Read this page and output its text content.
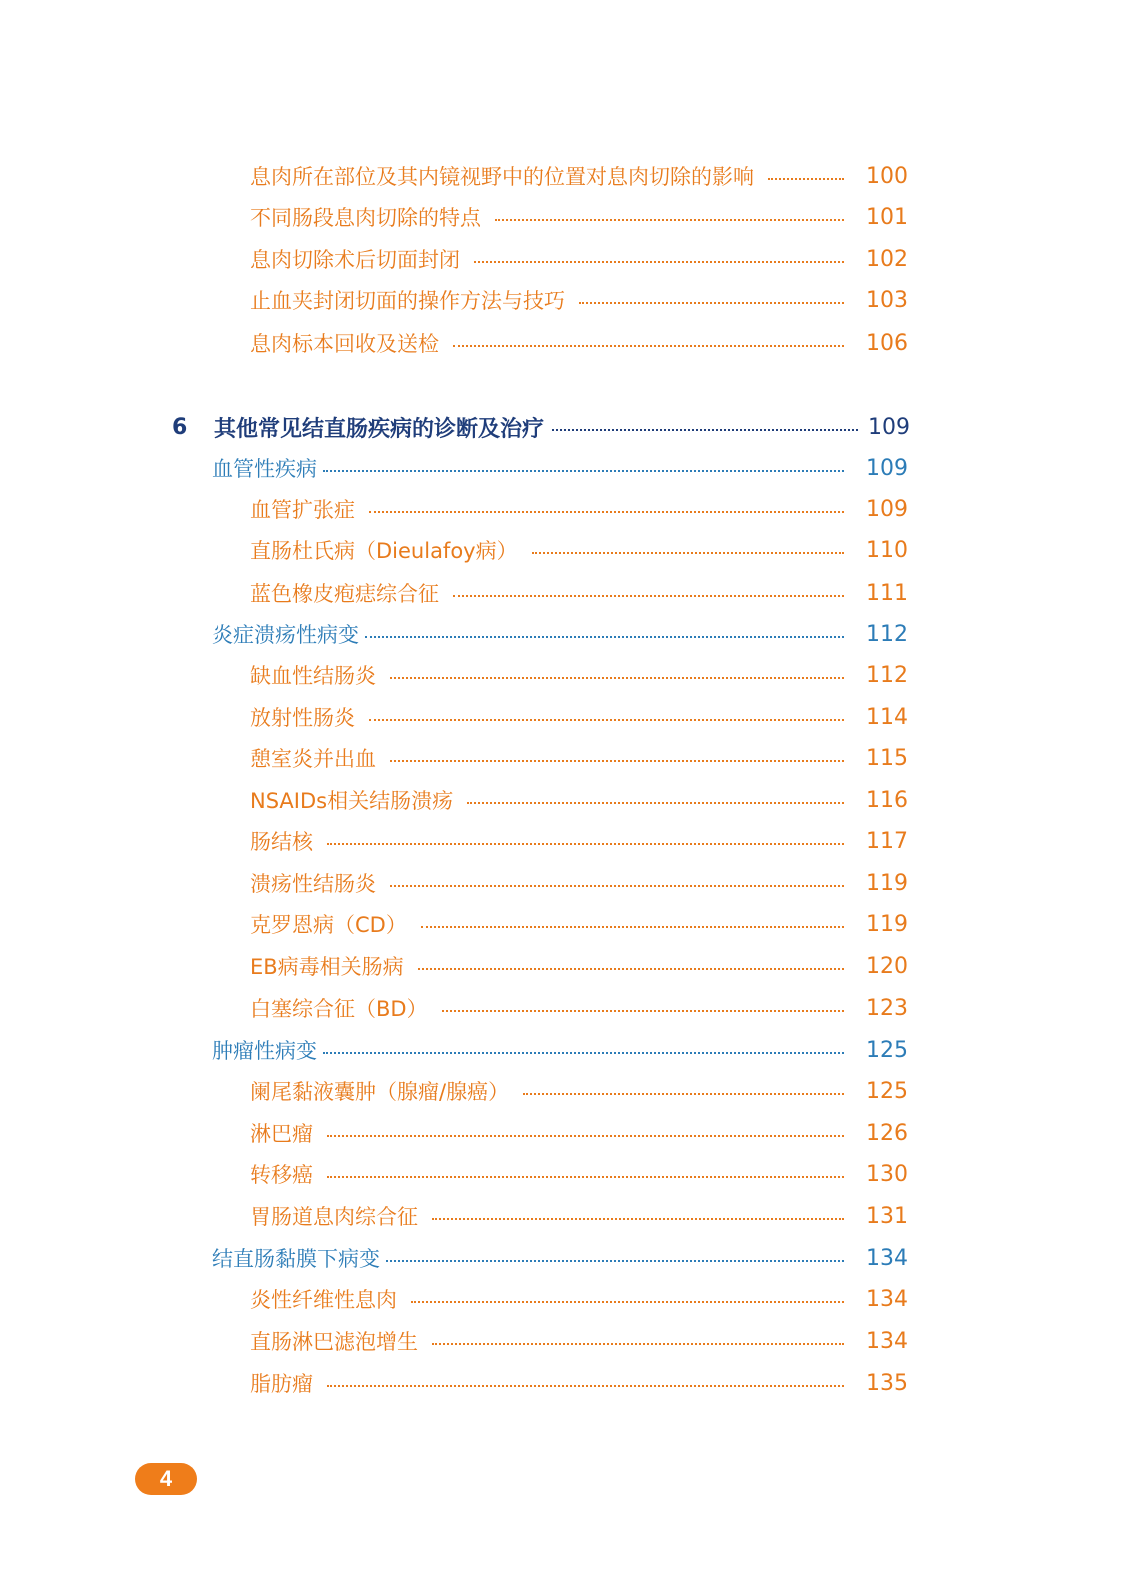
息肉所在部位及其内镜视野中的位置对息肉切除的影响	100
不同肠段息肉切除的特点	101
息肉切除术后切面封闭	102
止血夹封闭切面的操作方法与技巧	103
息肉标本回收及送检	106
6	其他常见结直肠疾病的诊断及治疗	109
血管性疾病	109
血管扩张症	109
直肠杜氏病（Dieulafoy病）	110
蓝色橡皮疱痣综合征	111
炎症溃疡性病变	112
缺血性结肠炎	112
放射性肠炎	114
憩室炎并出血	115
NSAIDs相关结肠溃疡	116
肠结核	117
溃疡性结肠炎	119
克罗恩病（CD）	119
EB病毒相关肠病	120
白塞综合征（BD）	123
肿瘤性病变	125
阑尾黏液囊肿（腺瘤/腺癌）	125
淋巴瘤	126
转移癌	130
胃肠道息肉综合征	131
结直肠黏膜下病变	134
炎性纤维性息肉	134
直肠淋巴滤泡增生	134
脂肪瘤	135
4
